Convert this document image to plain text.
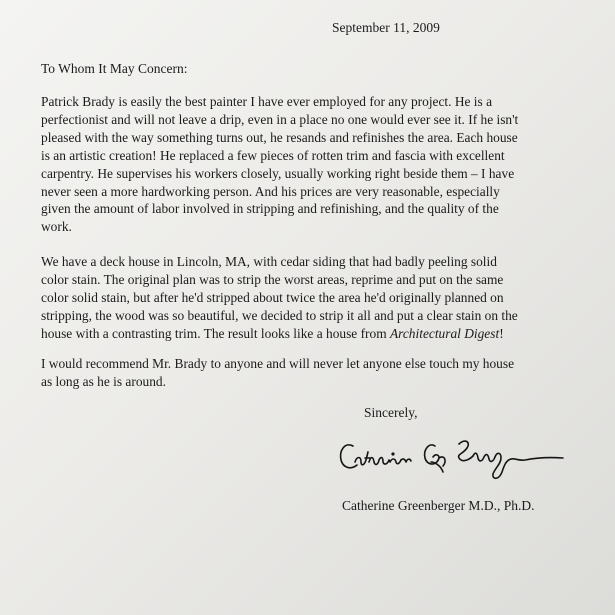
September 11, 2009
To Whom It May Concern:

Patrick Brady is easily the best painter I have ever employed for any project. He is a
perfectionist and will not leave a drip, even in a place no one would ever see it. If he isn't
pleased with the way something turns out, he resands and refinishes the area. Each house
is an artistic creation! He replaced a few pieces of rotten trim and fascia with excellent
carpentry. He supervises his workers closely, usually working right beside them – I have
never seen a more hardworking person. And his prices are very reasonable, especially
given the amount of labor involved in stripping and refinishing, and the quality of the
work.

We have a deck house in Lincoln, MA, with cedar siding that had badly peeling solid
color stain. The original plan was to strip the worst areas, reprime and put on the same
color solid stain, but after he'd stripped about twice the area he'd originally planned on
stripping, the wood was so beautiful, we decided to strip it all and put a clear stain on the
house with a contrasting trim. The result looks like a house from Architectural Digest!

I would recommend Mr. Brady to anyone and will never let anyone else touch my house
as long as he is around.

Sincerely,
Catherine Greenberger M.D., Ph.D.
